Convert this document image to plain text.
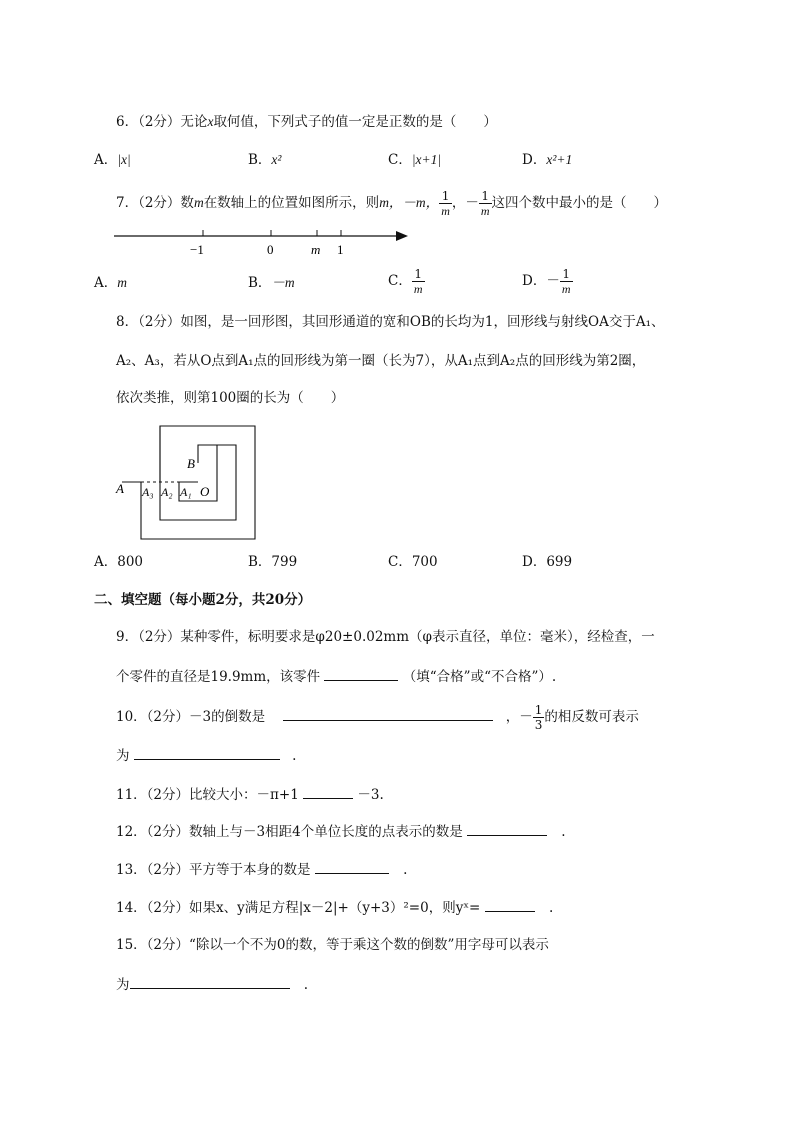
6．（2分）无论x取何值，下列式子的值一定是正数的是（　　）
A．|x|	B．x²	C．|x+1|	D．x²+1
7．（2分）数m在数轴上的位置如图所示，则m，－m， $\frac{1}{m}$ ，－ $\frac{1}{m}$ 这四个数中最小的是（　　）
−1	0	m 1
A．m	B．－m	C． $\frac{1}{m}$	D．－ $\frac{1}{m}$
8．（2分）如图，是一回形图，其回形通道的宽和OB的长均为1，回形线与射线OA交于A₁、
A₂、A₃，若从O点到A₁点的回形线为第一圈（长为7），从A₁点到A₂点的回形线为第2圈，
依次类推，则第100圈的长为（　　）
A A₃ A₂ A₁ O
B
A．800	B．799	C．700	D．699
二、填空题（每小题2分，共20分）
9．（2分）某种零件，标明要求是φ20±0.02mm（φ表示直径，单位：毫米），经检查，一
个零件的直径是19.9mm，该零件	（填“合格”或“不合格”）.
10．（2分）－3的倒数是	，－ $\frac{1}{3}$ 的相反数可表示
为	.
11．（2分）比较大小：－π+1	－3.
12．（2分）数轴上与－3相距4个单位长度的点表示的数是	.
13．（2分）平方等于本身的数是	.
14．（2分）如果x、y满足方程|x－2|+（y+3）²=0，则yˣ=	.
15．（2分）“除以一个不为0的数，等于乘这个数的倒数”用字母可以表示
为	.
